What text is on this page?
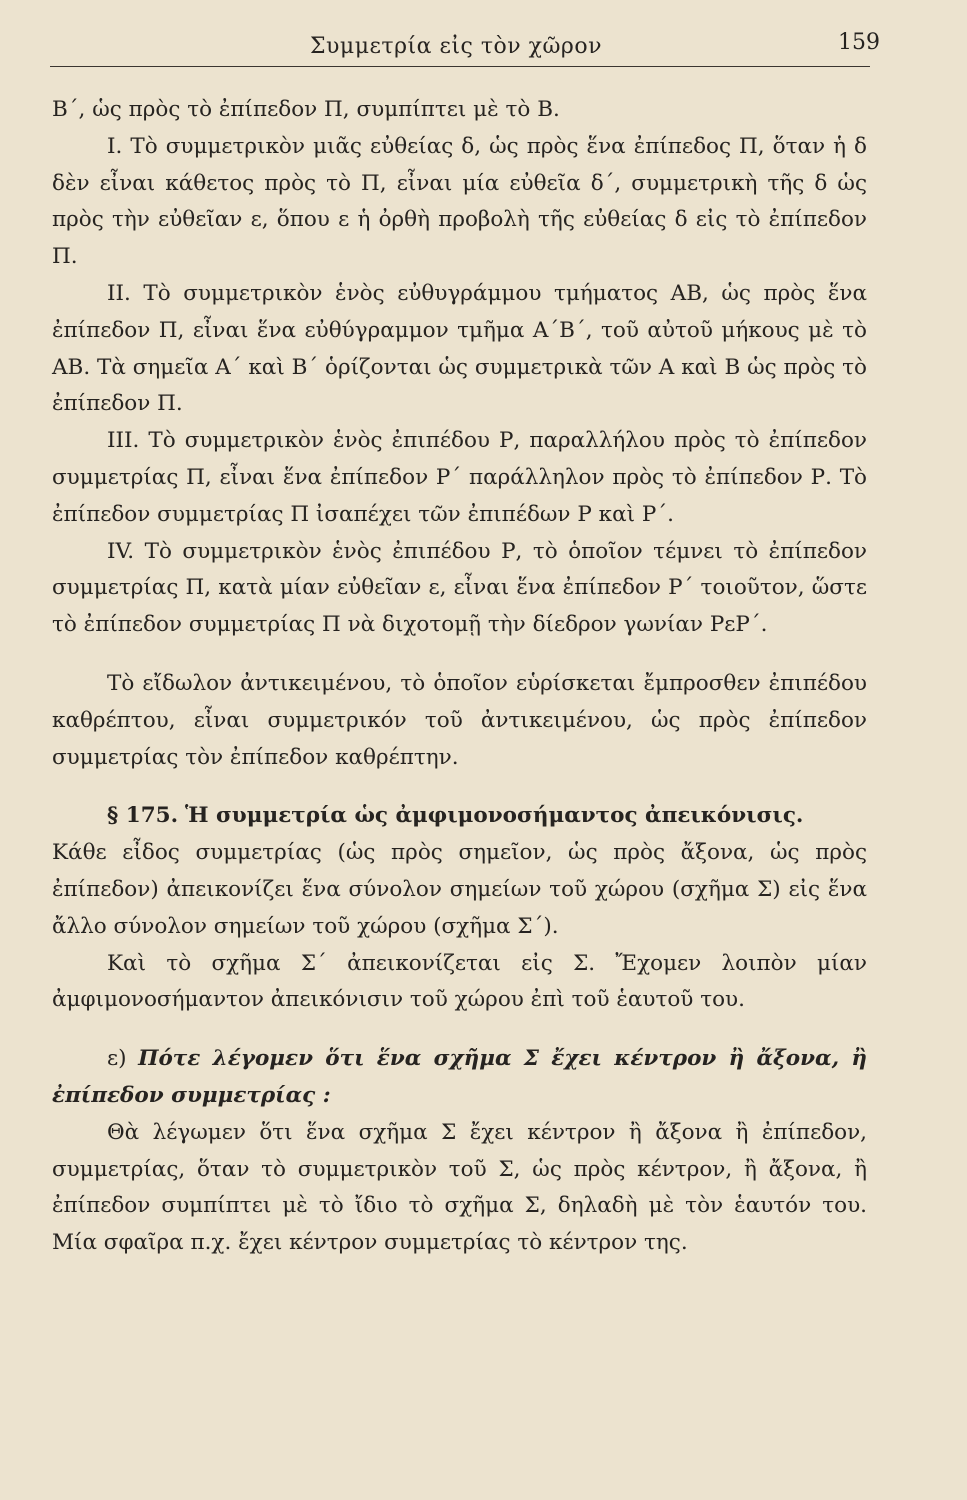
Συμμετρία εἰς τὸν χῶρον	159

Β΄, ὡς πρὸς τὸ ἐπίπεδον Π, συμπίπτει μὲ τὸ Β.

I. Τὸ συμμετρικὸν μιᾶς εὐθείας δ, ὡς πρὸς ἕνα ἐπίπεδος Π, ὅταν ἡ δ δὲν εἶναι κάθετος πρὸς τὸ Π, εἶναι μία εὐθεῖα δ΄, συμμετρικὴ τῆς δ ὡς πρὸς τὴν εὐθεῖαν ε, ὅπου ε ἡ ὀρθὴ προβολὴ τῆς εὐθείας δ εἰς τὸ ἐπίπεδον Π.

II. Τὸ συμμετρικὸν ἑνὸς εὐθυγράμμου τμήματος ΑΒ, ὡς πρὸς ἕνα ἐπίπεδον Π, εἶναι ἕνα εὐθύγραμμον τμῆμα Α΄Β΄, τοῦ αὐτοῦ μήκους μὲ τὸ ΑΒ. Τὰ σημεῖα Α΄ καὶ Β΄ ὁρίζονται ὡς συμμετρικὰ τῶν Α καὶ Β ὡς πρὸς τὸ ἐπίπεδον Π.

III. Τὸ συμμετρικὸν ἑνὸς ἐπιπέδου Ρ, παραλλήλου πρὸς τὸ ἐπίπεδον συμμετρίας Π, εἶναι ἕνα ἐπίπεδον Ρ΄ παράλληλον πρὸς τὸ ἐπίπεδον Ρ. Τὸ ἐπίπεδον συμμετρίας Π ἰσαπέχει τῶν ἐπιπέδων Ρ καὶ Ρ΄.

IV. Τὸ συμμετρικὸν ἑνὸς ἐπιπέδου Ρ, τὸ ὁποῖον τέμνει τὸ ἐπίπεδον συμμετρίας Π, κατὰ μίαν εὐθεῖαν ε, εἶναι ἕνα ἐπίπεδον Ρ΄ τοιοῦτον, ὥστε τὸ ἐπίπεδον συμμετρίας Π νὰ διχοτομῇ τὴν δίεδρον γωνίαν ΡεΡ΄.

Τὸ εἴδωλον ἀντικειμένου, τὸ ὁποῖον εὑρίσκεται ἔμπροσθεν ἐπιπέδου καθρέπτου, εἶναι συμμετρικόν τοῦ ἀντικειμένου, ὡς πρὸς ἐπίπεδον συμμετρίας τὸν ἐπίπεδον καθρέπτην.

§ 175. Ἡ συμμετρία ὡς ἀμφιμονοσήμαντος ἀπεικόνισις.

Κάθε εἶδος συμμετρίας (ὡς πρὸς σημεῖον, ὡς πρὸς ἄξονα, ὡς πρὸς ἐπίπεδον) ἀπεικονίζει ἕνα σύνολον σημείων τοῦ χώρου (σχῆμα Σ) εἰς ἕνα ἄλλο σύνολον σημείων τοῦ χώρου (σχῆμα Σ΄).

Καὶ τὸ σχῆμα Σ΄ ἀπεικονίζεται εἰς Σ. Ἔχομεν λοιπὸν μίαν ἀμφιμονοσήμαντον ἀπεικόνισιν τοῦ χώρου ἐπὶ τοῦ ἑαυτοῦ του.

ε) Πότε λέγομεν ὅτι ἕνα σχῆμα Σ ἔχει κέντρον ἢ ἄξονα, ἢ ἐπίπεδον συμμετρίας :

Θὰ λέγωμεν ὅτι ἕνα σχῆμα Σ ἔχει κέντρον ἢ ἄξονα ἢ ἐπίπεδον, συμμετρίας, ὅταν τὸ συμμετρικὸν τοῦ Σ, ὡς πρὸς κέντρον, ἢ ἄξονα, ἢ ἐπίπεδον συμπίπτει μὲ τὸ ἴδιο τὸ σχῆμα Σ, δηλαδὴ μὲ τὸν ἑαυτόν του. Μία σφαῖρα π.χ. ἔχει κέντρον συμμετρίας τὸ κέντρον της.
